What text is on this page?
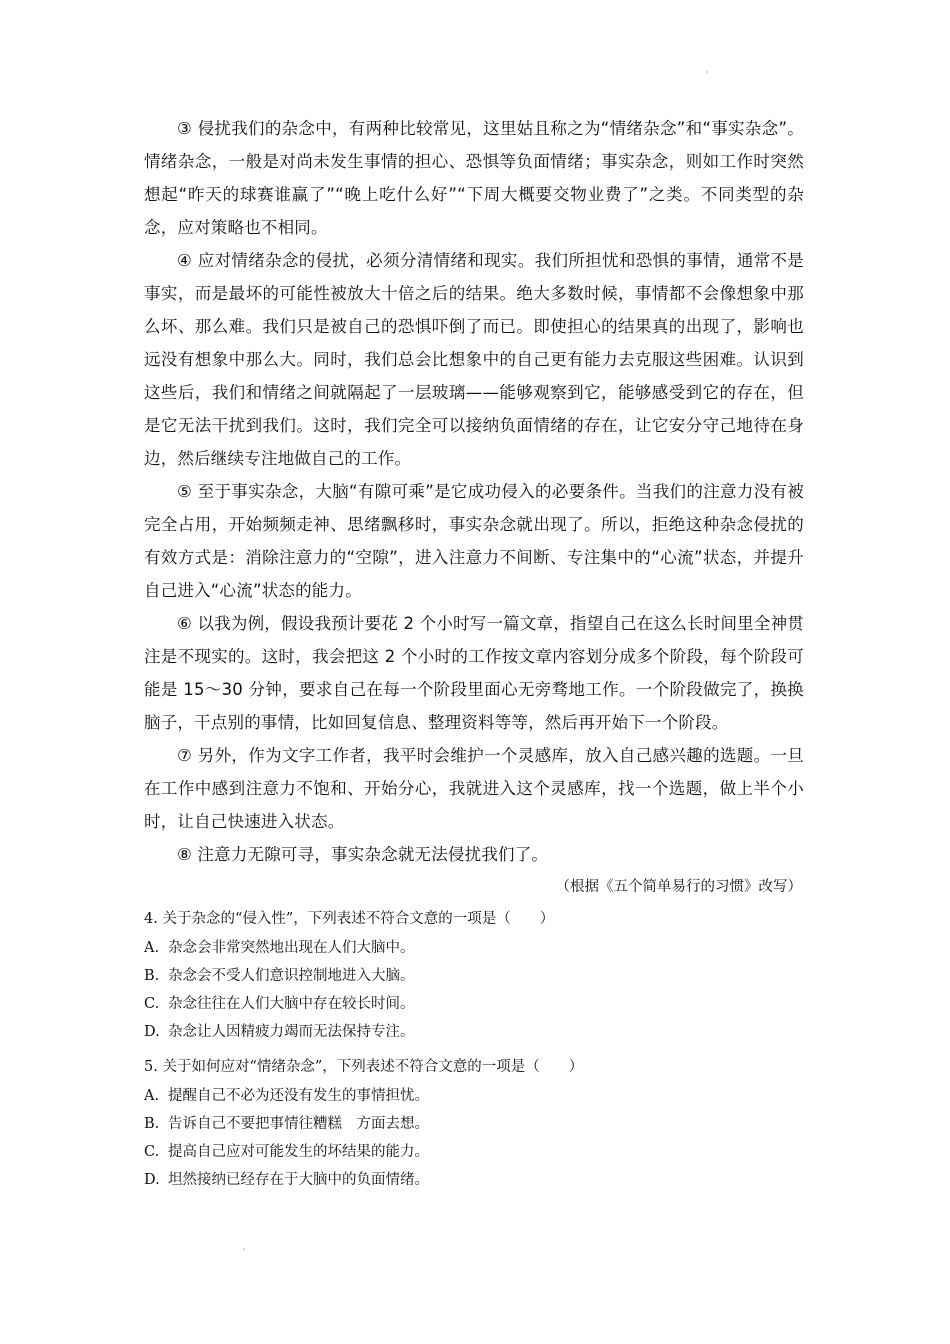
③ 侵扰我们的杂念中，有两种比较常见，这里姑且称之为“情绪杂念”和“事实杂念”。情绪杂念，一般是对尚未发生事情的担心、恐惧等负面情绪；事实杂念，则如工作时突然想起“昨天的球赛谁赢了”“晚上吃什么好”“下周大概要交物业费了”之类。不同类型的杂念，应对策略也不相同。

④ 应对情绪杂念的侵扰，必须分清情绪和现实。我们所担忧和恐惧的事情，通常不是事实，而是最坏的可能性被放大十倍之后的结果。绝大多数时候，事情都不会像想象中那么坏、那么难。我们只是被自己的恐惧吓倒了而已。即使担心的结果真的出现了，影响也远没有想象中那么大。同时，我们总会比想象中的自己更有能力去克服这些困难。认识到这些后，我们和情绪之间就隔起了一层玻璃——能够观察到它，能够感受到它的存在，但是它无法干扰到我们。这时，我们完全可以接纳负面情绪的存在，让它安分守己地待在身边，然后继续专注地做自己的工作。

⑤ 至于事实杂念，大脑“有隙可乘”是它成功侵入的必要条件。当我们的注意力没有被完全占用，开始频频走神、思绪飘移时，事实杂念就出现了。所以，拒绝这种杂念侵扰的有效方式是：消除注意力的“空隙”，进入注意力不间断、专注集中的“心流”状态，并提升自己进入“心流”状态的能力。

⑥ 以我为例，假设我预计要花 2 个小时写一篇文章，指望自己在这么长时间里全神贯注是不现实的。这时，我会把这 2 个小时的工作按文章内容划分成多个阶段，每个阶段可能是 15～30 分钟，要求自己在每一个阶段里面心无旁骛地工作。一个阶段做完了，换换脑子，干点别的事情，比如回复信息、整理资料等等，然后再开始下一个阶段。

⑦ 另外，作为文字工作者，我平时会维护一个灵感库，放入自己感兴趣的选题。一旦在工作中感到注意力不饱和、开始分心，我就进入这个灵感库，找一个选题，做上半个小时，让自己快速进入状态。

⑧ 注意力无隙可寻，事实杂念就无法侵扰我们了。

（根据《五个简单易行的习惯》改写）
4. 关于杂念的“侵入性”，下列表述不符合文意的一项是（　　）
A. 杂念会非常突然地出现在人们大脑中。
B. 杂念会不受人们意识控制地进入大脑。
C. 杂念往往在人们大脑中存在较长时间。
D. 杂念让人因精疲力竭而无法保持专注。
5. 关于如何应对“情绪杂念”，下列表述不符合文意的一项是（　　）
A. 提醒自己不必为还没有发生的事情担忧。
B. 告诉自己不要把事情往糟糕　方面去想。
C. 提高自己应对可能发生的坏结果的能力。
D. 坦然接纳已经存在于大脑中的负面情绪。
